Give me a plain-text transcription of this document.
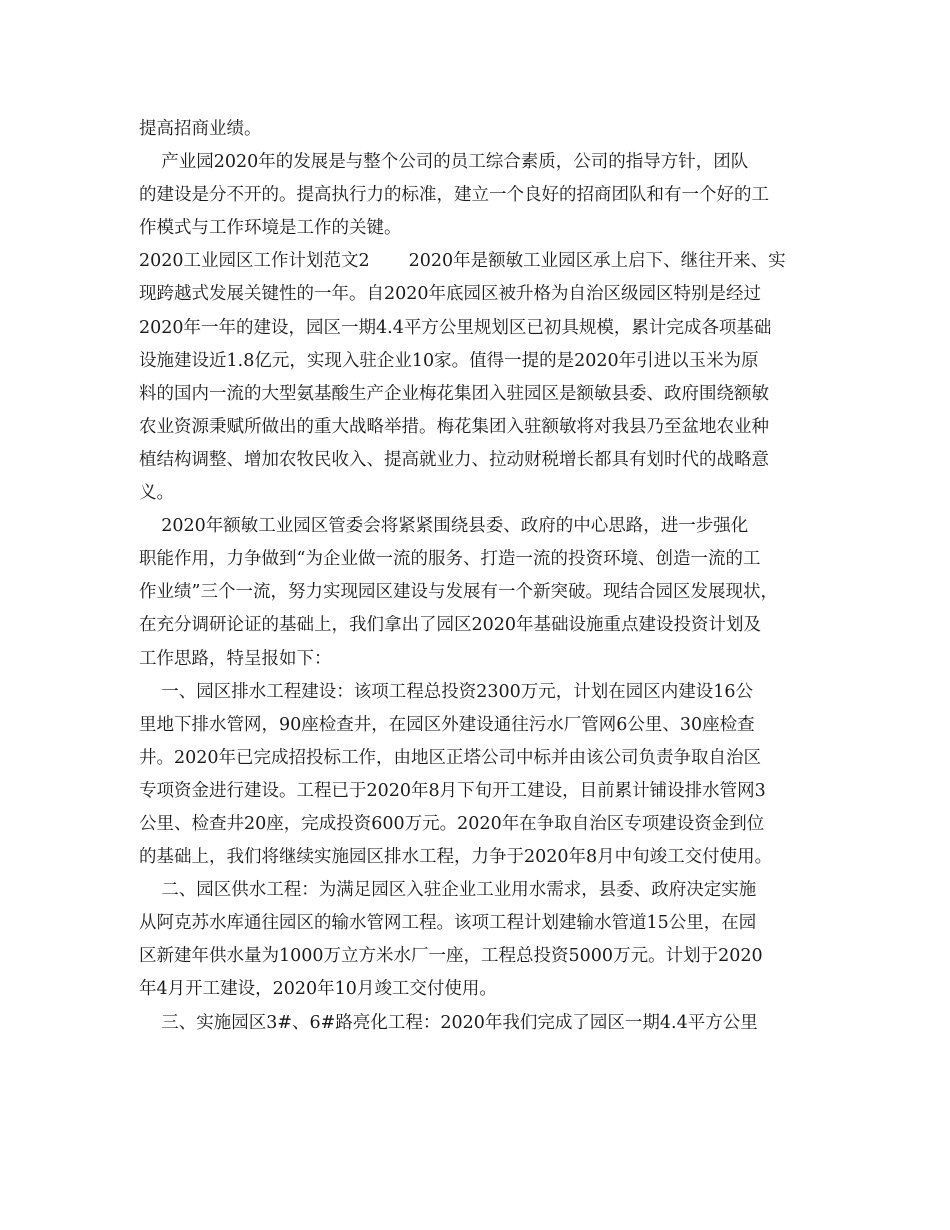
提高招商业绩。
产业园2020年的发展是与整个公司的员工综合素质，公司的指导方针，团队
的建设是分不开的。提高执行力的标准，建立一个良好的招商团队和有一个好的工
作模式与工作环境是工作的关键。
2020工业园区工作计划范文2       2020年是额敏工业园区承上启下、继往开来、实
现跨越式发展关键性的一年。自2020年底园区被升格为自治区级园区特别是经过
2020年一年的建设，园区一期4.4平方公里规划区已初具规模，累计完成各项基础
设施建设近1.8亿元，实现入驻企业10家。值得一提的是2020年引进以玉米为原
料的国内一流的大型氨基酸生产企业梅花集团入驻园区是额敏县委、政府围绕额敏
农业资源秉赋所做出的重大战略举措。梅花集团入驻额敏将对我县乃至盆地农业种
植结构调整、增加农牧民收入、提高就业力、拉动财税增长都具有划时代的战略意
义。
2020年额敏工业园区管委会将紧紧围绕县委、政府的中心思路，进一步强化
职能作用，力争做到“为企业做一流的服务、打造一流的投资环境、创造一流的工
作业绩”三个一流，努力实现园区建设与发展有一个新突破。现结合园区发展现状，
在充分调研论证的基础上，我们拿出了园区2020年基础设施重点建设投资计划及
工作思路，特呈报如下：
一、园区排水工程建设：该项工程总投资2300万元，计划在园区内建设16公
里地下排水管网，90座检查井，在园区外建设通往污水厂管网6公里、30座检查
井。2020年已完成招投标工作，由地区正塔公司中标并由该公司负责争取自治区
专项资金进行建设。工程已于2020年8月下旬开工建设，目前累计铺设排水管网3
公里、检查井20座，完成投资600万元。2020年在争取自治区专项建设资金到位
的基础上，我们将继续实施园区排水工程，力争于2020年8月中旬竣工交付使用。
二、园区供水工程：为满足园区入驻企业工业用水需求，县委、政府决定实施
从阿克苏水库通往园区的输水管网工程。该项工程计划建输水管道15公里，在园
区新建年供水量为1000万立方米水厂一座，工程总投资5000万元。计划于2020
年4月开工建设，2020年10月竣工交付使用。
三、实施园区3#、6#路亮化工程：2020年我们完成了园区一期4.4平方公里
